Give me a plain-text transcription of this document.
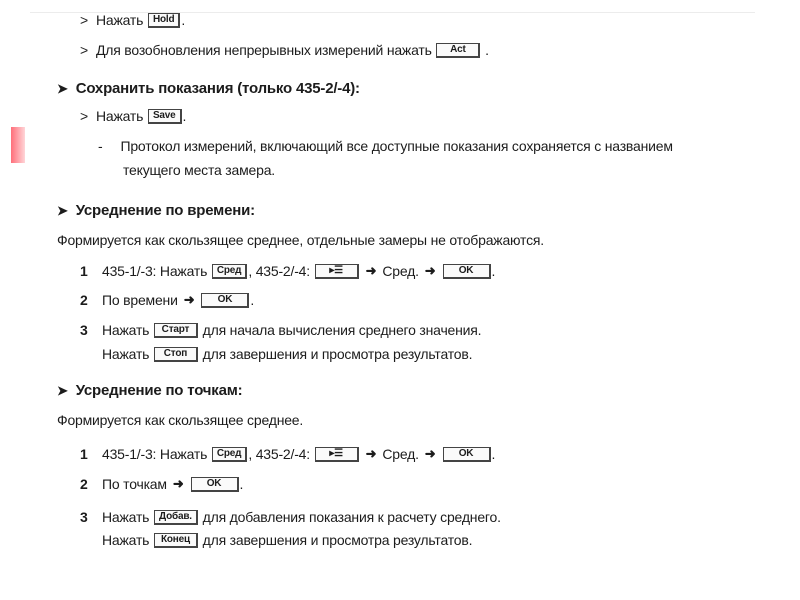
> Нажать
Hold .
> Для возобновления непрерывных измерений нажать
	Act
	.
➤ Сохранить показания (только 435-2/-4):
> Нажать
Save .
- Протокол измерений, включающий все доступные показания сохраняется с названием
текущего места замера.
➤ Усреднение по времени:
Формируется как скользящее среднее, отдельные замеры не отображаются.
1	435-1/-3: Нажать
Сред , 435-2/-4:
	▸☰	➜ Сред. ➜	OK	.
2	По времени ➜	OK	.
3	Нажать
	Старт
для начала вычисления среднего значения.
Нажать
	Стоп
	для завершения и просмотра результатов.
➤ Усреднение по точкам:
Формируется как скользящее среднее.
1	435-1/-3: Нажать
Сред , 435-2/-4:
	▸☰	➜ Сред. ➜	OK	.
2	По точкам ➜	OK	.
3	Нажать
Добав.
для добавления показания к расчету среднего.
Нажать
	Конец
для завершения и просмотра результатов.
